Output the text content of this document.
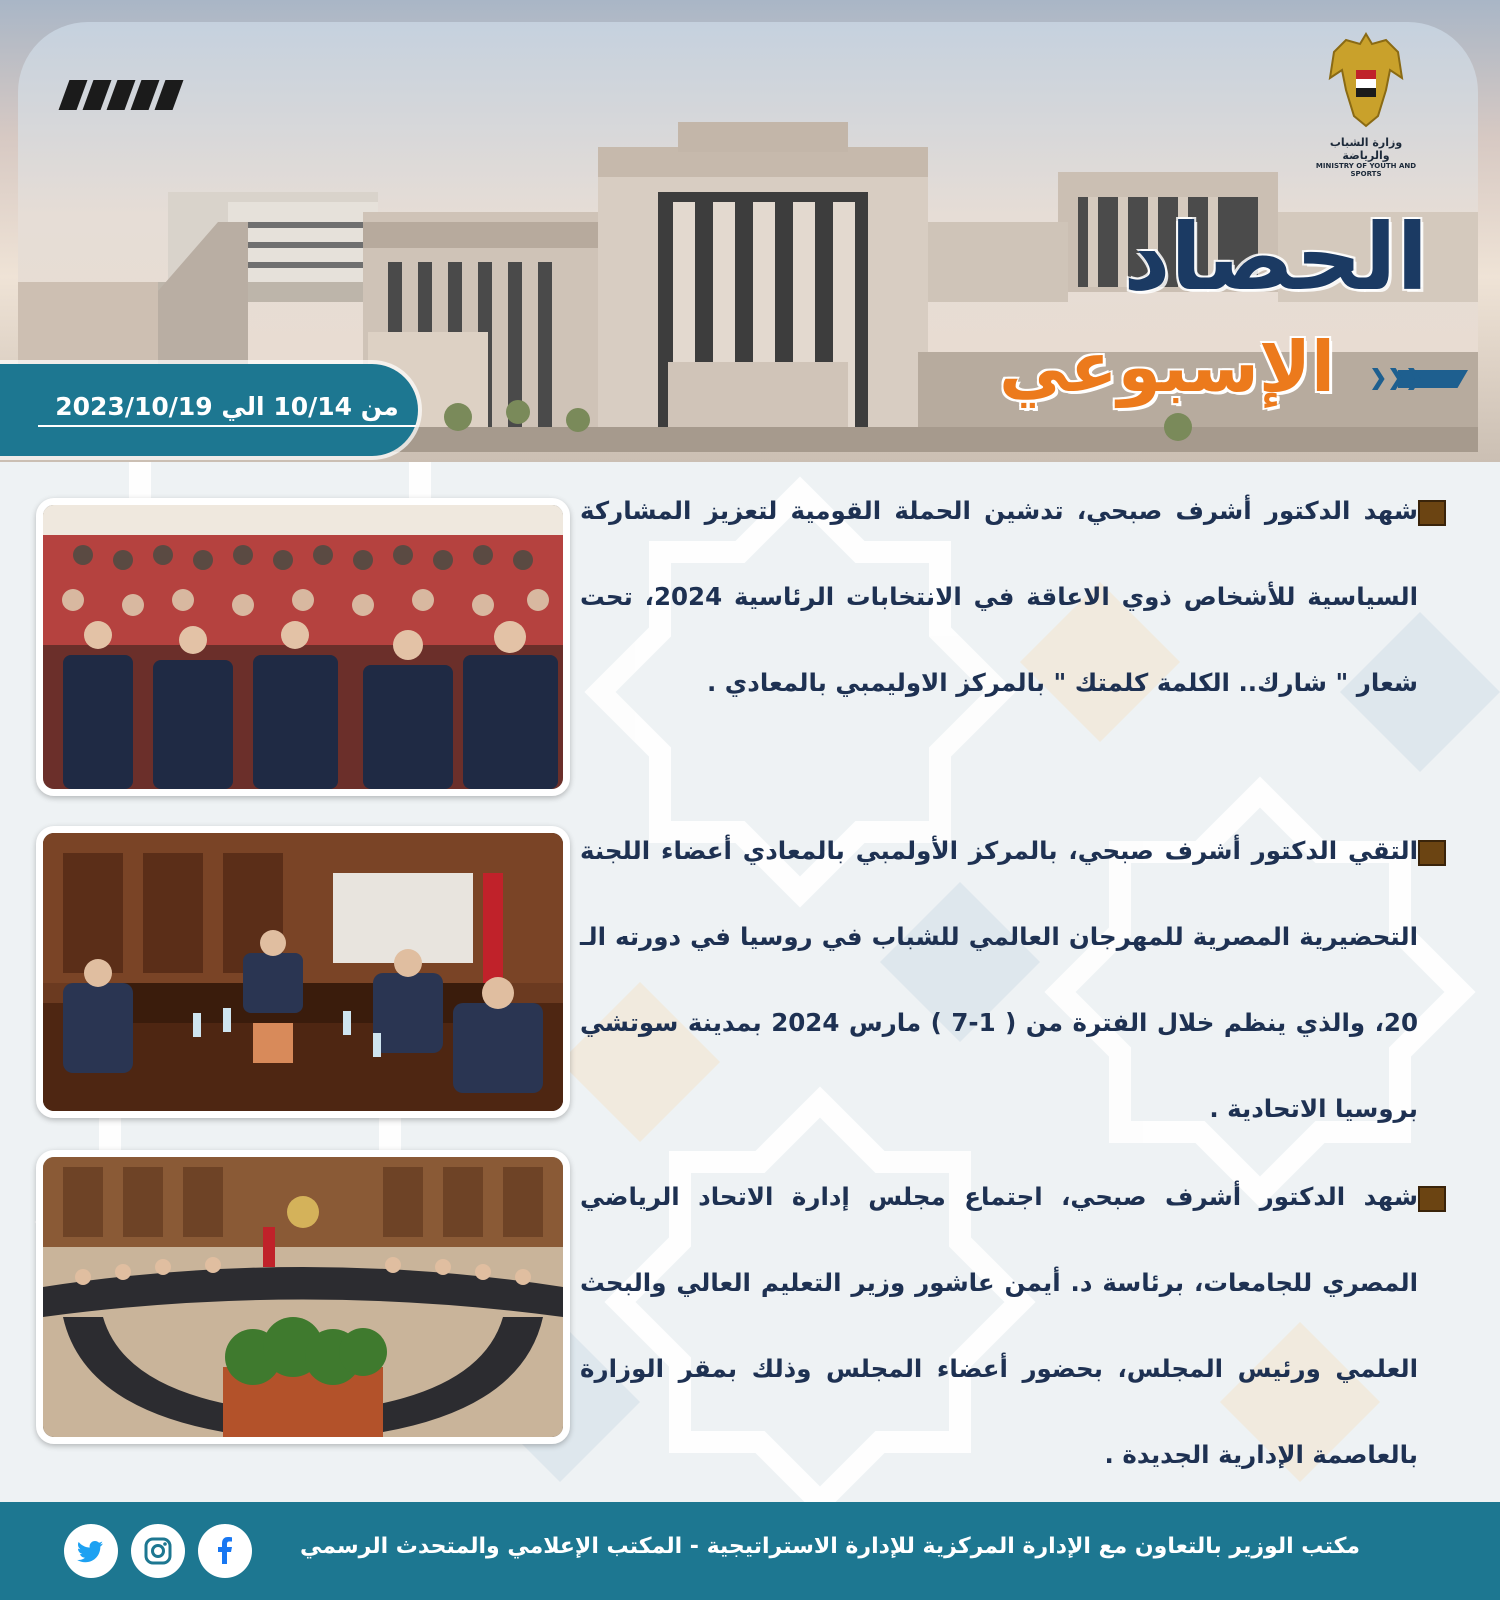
وزارة الشباب والرياضة
MINISTRY OF YOUTH AND SPORTS
الحصاد
الإسبوعي
من 10/14 الي 2023/10/19

شهد الدكتور أشرف صبحي، تدشين الحملة القومية لتعزيز المشاركة السياسية للأشخاص ذوي الاعاقة في الانتخابات الرئاسية 2024، تحت شعار " شارك.. الكلمة كلمتك " بالمركز الاوليمبي بالمعادي .

التقي الدكتور أشرف صبحي، بالمركز الأولمبي بالمعادي أعضاء اللجنة التحضيرية المصرية للمهرجان العالمي للشباب في روسيا في دورته الـ 20، والذي ينظم خلال الفترة من ( 1-7 ) مارس 2024 بمدينة سوتشي بروسيا الاتحادية .

شهد الدكتور أشرف صبحي، اجتماع مجلس إدارة الاتحاد الرياضي المصري للجامعات، برئاسة د. أيمن عاشور وزير التعليم العالي والبحث العلمي ورئيس المجلس، بحضور أعضاء المجلس وذلك بمقر الوزارة بالعاصمة الإدارية الجديدة .

مكتب الوزير بالتعاون مع الإدارة المركزية للإدارة الاستراتيجية - المكتب الإعلامي والمتحدث الرسمي
